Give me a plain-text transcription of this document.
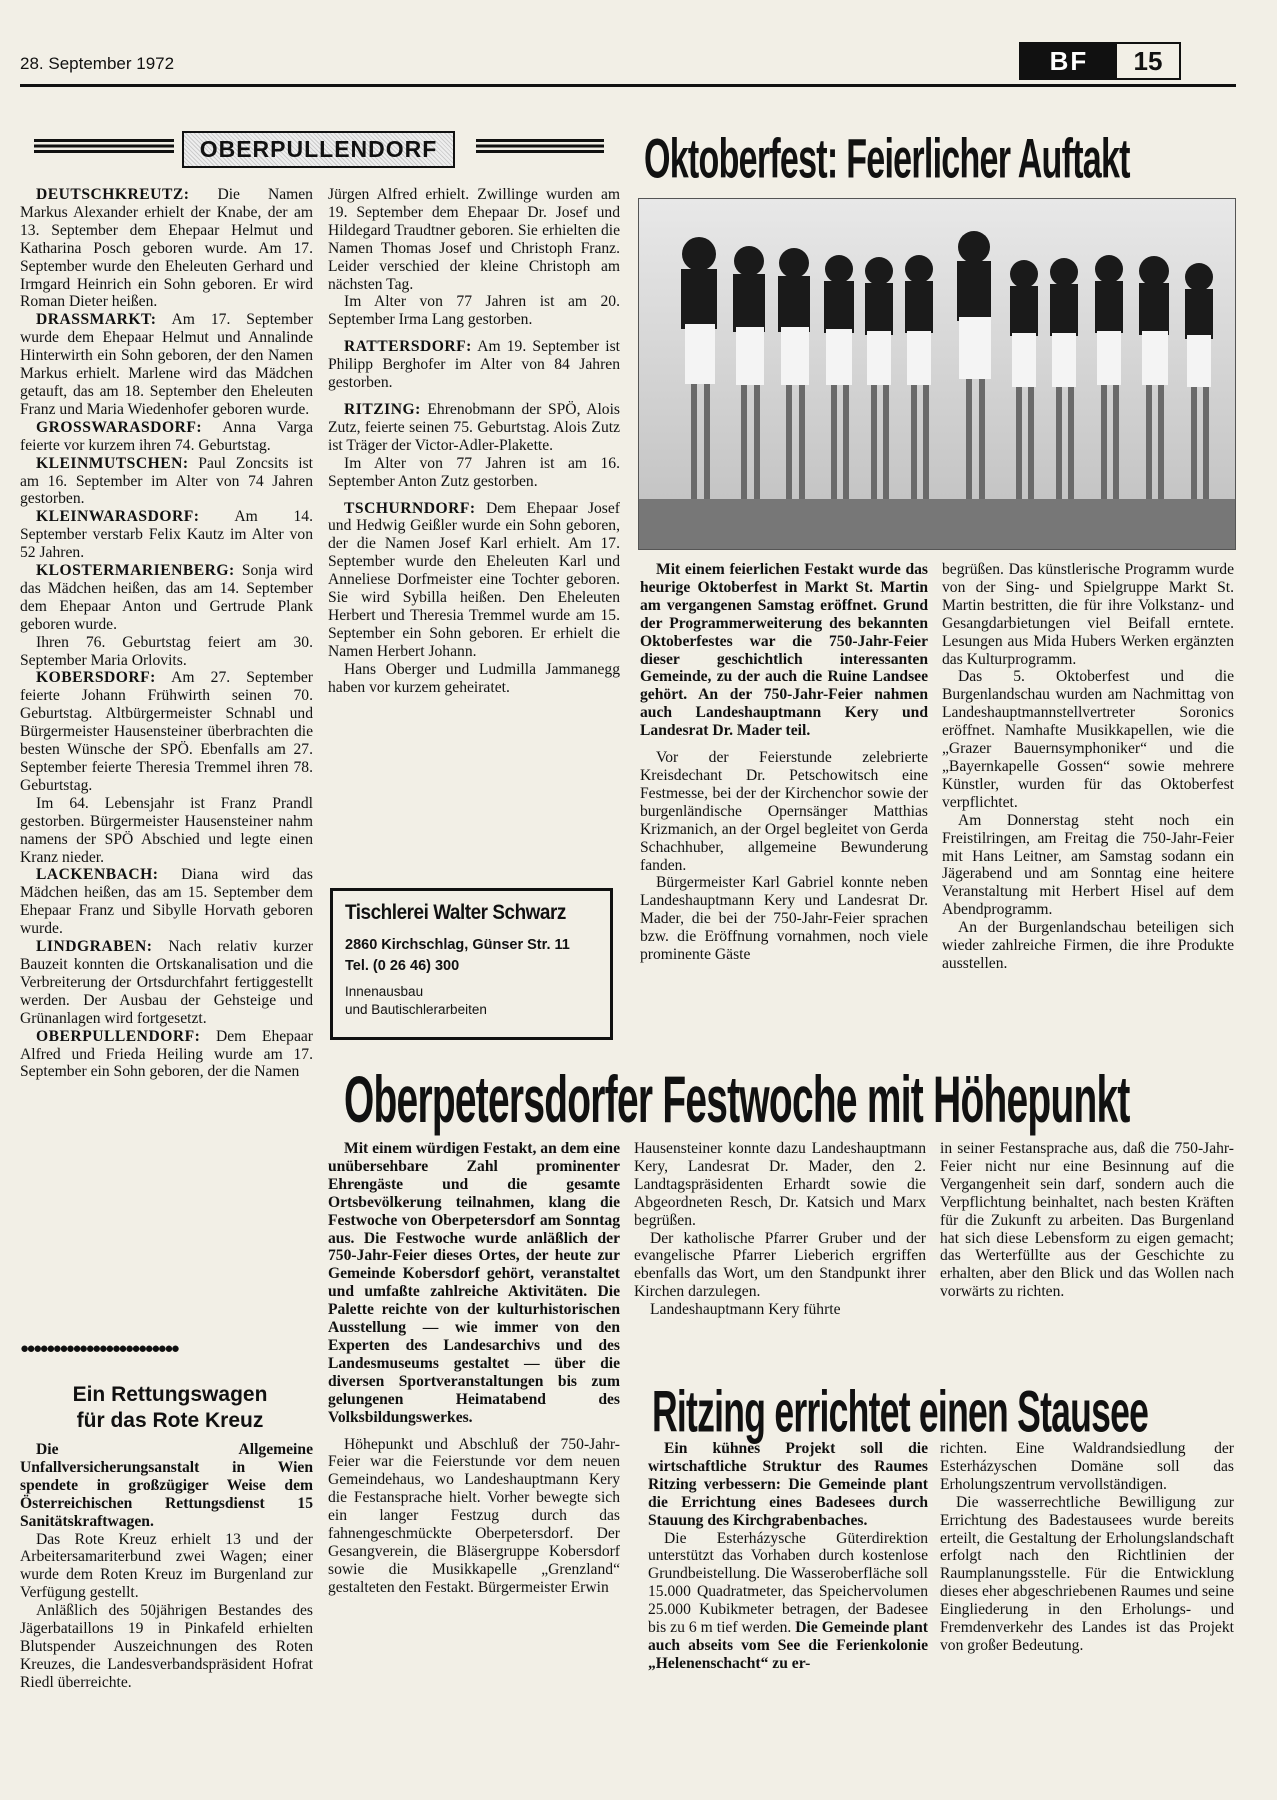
28. September 1972	BF	15
OBERPULLENDORF

DEUTSCHKREUTZ: Die Namen Markus Alexander erhielt der Knabe, der am 13. September dem Ehepaar Helmut und Katharina Posch geboren wurde. Am 17. September wurde den Eheleuten Gerhard und Irmgard Heinrich ein Sohn geboren. Er wird Roman Dieter heißen.

DRASSMARKT: Am 17. September wurde dem Ehepaar Helmut und Annalinde Hinterwirth ein Sohn geboren, der den Namen Markus erhielt. Marlene wird das Mädchen getauft, das am 18. September den Eheleuten Franz und Maria Wiedenhofer geboren wurde.

GROSSWARASDORF: Anna Varga feierte vor kurzem ihren 74. Geburtstag.

KLEINMUTSCHEN: Paul Zoncsits ist am 16. September im Alter von 74 Jahren gestorben.

KLEINWARASDORF: Am 14. September verstarb Felix Kautz im Alter von 52 Jahren.

KLOSTERMARIENBERG: Sonja wird das Mädchen heißen, das am 14. September dem Ehepaar Anton und Gertrude Plank geboren wurde.

Ihren 76. Geburtstag feiert am 30. September Maria Orlovits.

KOBERSDORF: Am 27. September feierte Johann Frühwirth seinen 70. Geburtstag. Altbürgermeister Schnabl und Bürgermeister Hausensteiner überbrachten die besten Wünsche der SPÖ. Ebenfalls am 27. September feierte Theresia Tremmel ihren 78. Geburtstag.

Im 64. Lebensjahr ist Franz Prandl gestorben. Bürgermeister Hausensteiner nahm namens der SPÖ Abschied und legte einen Kranz nieder.

LACKENBACH: Diana wird das Mädchen heißen, das am 15. September dem Ehepaar Franz und Sibylle Horvath geboren wurde.

LINDGRABEN: Nach relativ kurzer Bauzeit konnten die Ortskanalisation und die Verbreiterung der Ortsdurchfahrt fertiggestellt werden. Der Ausbau der Gehsteige und Grünanlagen wird fortgesetzt.

OBERPULLENDORF: Dem Ehepaar Alfred und Frieda Heiling wurde am 17. September ein Sohn geboren, der die Namen

Jürgen Alfred erhielt. Zwillinge wurden am 19. September dem Ehepaar Dr. Josef und Hildegard Traudtner geboren. Sie erhielten die Namen Thomas Josef und Christoph Franz. Leider verschied der kleine Christoph am nächsten Tag.

Im Alter von 77 Jahren ist am 20. September Irma Lang gestorben.

RATTERSDORF: Am 19. September ist Philipp Berghofer im Alter von 84 Jahren gestorben.

RITZING: Ehrenobmann der SPÖ, Alois Zutz, feierte seinen 75. Geburtstag. Alois Zutz ist Träger der Victor-Adler-Plakette.

Im Alter von 77 Jahren ist am 16. September Anton Zutz gestorben.

TSCHURNDORF: Dem Ehepaar Josef und Hedwig Geißler wurde ein Sohn geboren, der die Namen Josef Karl erhielt. Am 17. September wurde den Eheleuten Karl und Anneliese Dorfmeister eine Tochter geboren. Sie wird Sybilla heißen. Den Eheleuten Herbert und Theresia Tremmel wurde am 15. September ein Sohn geboren. Er erhielt die Namen Herbert Johann.

Hans Oberger und Ludmilla Jammanegg haben vor kurzem geheiratet.

Tischlerei Walter Schwarz
2860 Kirchschlag, Günser Str. 11
Tel. (0 26 46) 300
Innenausbau
und Bautischlerarbeiten
Oktoberfest: Feierlicher Auftakt

Mit einem feierlichen Festakt wurde das heurige Oktoberfest in Markt St. Martin am vergangenen Samstag eröffnet. Grund der Programmerweiterung des bekannten Oktoberfestes war die 750-Jahr-Feier dieser geschichtlich interessanten Gemeinde, zu der auch die Ruine Landsee gehört. An der 750-Jahr-Feier nahmen auch Landeshauptmann Kery und Landesrat Dr. Mader teil.

Vor der Feierstunde zelebrierte Kreisdechant Dr. Petschowitsch eine Festmesse, bei der der Kirchenchor sowie der burgenländische Opernsänger Matthias Krizmanich, an der Orgel begleitet von Gerda Schachhuber, allgemeine Bewunderung fanden.

Bürgermeister Karl Gabriel konnte neben Landeshauptmann Kery und Landesrat Dr. Mader, die bei der 750-Jahr-Feier sprachen bzw. die Eröffnung vornahmen, noch viele prominente Gäste

begrüßen. Das künstlerische Programm wurde von der Sing- und Spielgruppe Markt St. Martin bestritten, die für ihre Volkstanz- und Gesangdarbietungen viel Beifall erntete. Lesungen aus Mida Hubers Werken ergänzten das Kulturprogramm.

Das 5. Oktoberfest und die Burgenlandschau wurden am Nachmittag von Landeshauptmannstellvertreter Soronics eröffnet. Namhafte Musikkapellen, wie die „Grazer Bauernsymphoniker“ und die „Bayernkapelle Gossen“ sowie mehrere Künstler, wurden für das Oktoberfest verpflichtet.

Am Donnerstag steht noch ein Freistilringen, am Freitag die 750-Jahr-Feier mit Hans Leitner, am Samstag sodann ein Jägerabend und am Sonntag eine heitere Veranstaltung mit Herbert Hisel auf dem Abendprogramm.

An der Burgenlandschau beteiligen sich wieder zahlreiche Firmen, die ihre Produkte ausstellen.

Oberpetersdorfer Festwoche mit Höhepunkt

Mit einem würdigen Festakt, an dem eine unübersehbare Zahl prominenter Ehrengäste und die gesamte Ortsbevölkerung teilnahmen, klang die Festwoche von Oberpetersdorf am Sonntag aus. Die Festwoche wurde anläßlich der 750-Jahr-Feier dieses Ortes, der heute zur Gemeinde Kobersdorf gehört, veranstaltet und umfaßte zahlreiche Aktivitäten. Die Palette reichte von der kulturhistorischen Ausstellung — wie immer von den Experten des Landesarchivs und des Landesmuseums gestaltet — über die diversen Sportveranstaltungen bis zum gelungenen Heimatabend des Volksbildungswerkes.

Höhepunkt und Abschluß der 750-Jahr-Feier war die Feierstunde vor dem neuen Gemeindehaus, wo Landeshauptmann Kery die Festansprache hielt. Vorher bewegte sich ein langer Festzug durch das fahnengeschmückte Oberpetersdorf. Der Gesangverein, die Bläsergruppe Kobersdorf sowie die Musikkapelle „Grenzland“ gestalteten den Festakt. Bürgermeister Erwin

Hausensteiner konnte dazu Landeshauptmann Kery, Landesrat Dr. Mader, den 2. Landtagspräsidenten Erhardt sowie die Abgeordneten Resch, Dr. Katsich und Marx begrüßen.

Der katholische Pfarrer Gruber und der evangelische Pfarrer Lieberich ergriffen ebenfalls das Wort, um den Standpunkt ihrer Kirchen darzulegen.

Landeshauptmann Kery führte

in seiner Festansprache aus, daß die 750-Jahr-Feier nicht nur eine Besinnung auf die Vergangenheit sein darf, sondern auch die Verpflichtung beinhaltet, nach besten Kräften für die Zukunft zu arbeiten. Das Burgenland hat sich diese Lebensform zu eigen gemacht; das Werterfüllte aus der Geschichte zu erhalten, aber den Blick und das Wollen nach vorwärts zu richten.

Ritzing errichtet einen Stausee

Ein kühnes Projekt soll die wirtschaftliche Struktur des Raumes Ritzing verbessern: Die Gemeinde plant die Errichtung eines Badesees durch Stauung des Kirchgrabenbaches.

Die Esterházysche Güterdirektion unterstützt das Vorhaben durch kostenlose Grundbeistellung. Die Wasseroberfläche soll 15.000 Quadratmeter, das Speichervolumen 25.000 Kubikmeter betragen, der Badesee bis zu 6 m tief werden. Die Gemeinde plant auch abseits vom See die Ferienkolonie „Helenenschacht“ zu er-

richten. Eine Waldrandsiedlung der Esterházyschen Domäne soll das Erholungszentrum vervollständigen.

Die wasserrechtliche Bewilligung zur Errichtung des Badestausees wurde bereits erteilt, die Gestaltung der Erholungslandschaft erfolgt nach den Richtlinien der Raumplanungsstelle. Für die Entwicklung dieses eher abgeschriebenen Raumes und seine Eingliederung in den Erholungs- und Fremdenverkehr des Landes ist das Projekt von großer Bedeutung.

●●●●●●●●●●●●●●●●●●●●●●●●
Ein Rettungswagen
für das Rote Kreuz

Die Allgemeine Unfallversicherungsanstalt in Wien spendete in großzügiger Weise dem Österreichischen Rettungsdienst 15 Sanitätskraftwagen.

Das Rote Kreuz erhielt 13 und der Arbeitersamariterbund zwei Wagen; einer wurde dem Roten Kreuz im Burgenland zur Verfügung gestellt.

Anläßlich des 50jährigen Bestandes des Jägerbataillons 19 in Pinkafeld erhielten Blutspender Auszeichnungen des Roten Kreuzes, die Landesverbandspräsident Hofrat Riedl überreichte.
